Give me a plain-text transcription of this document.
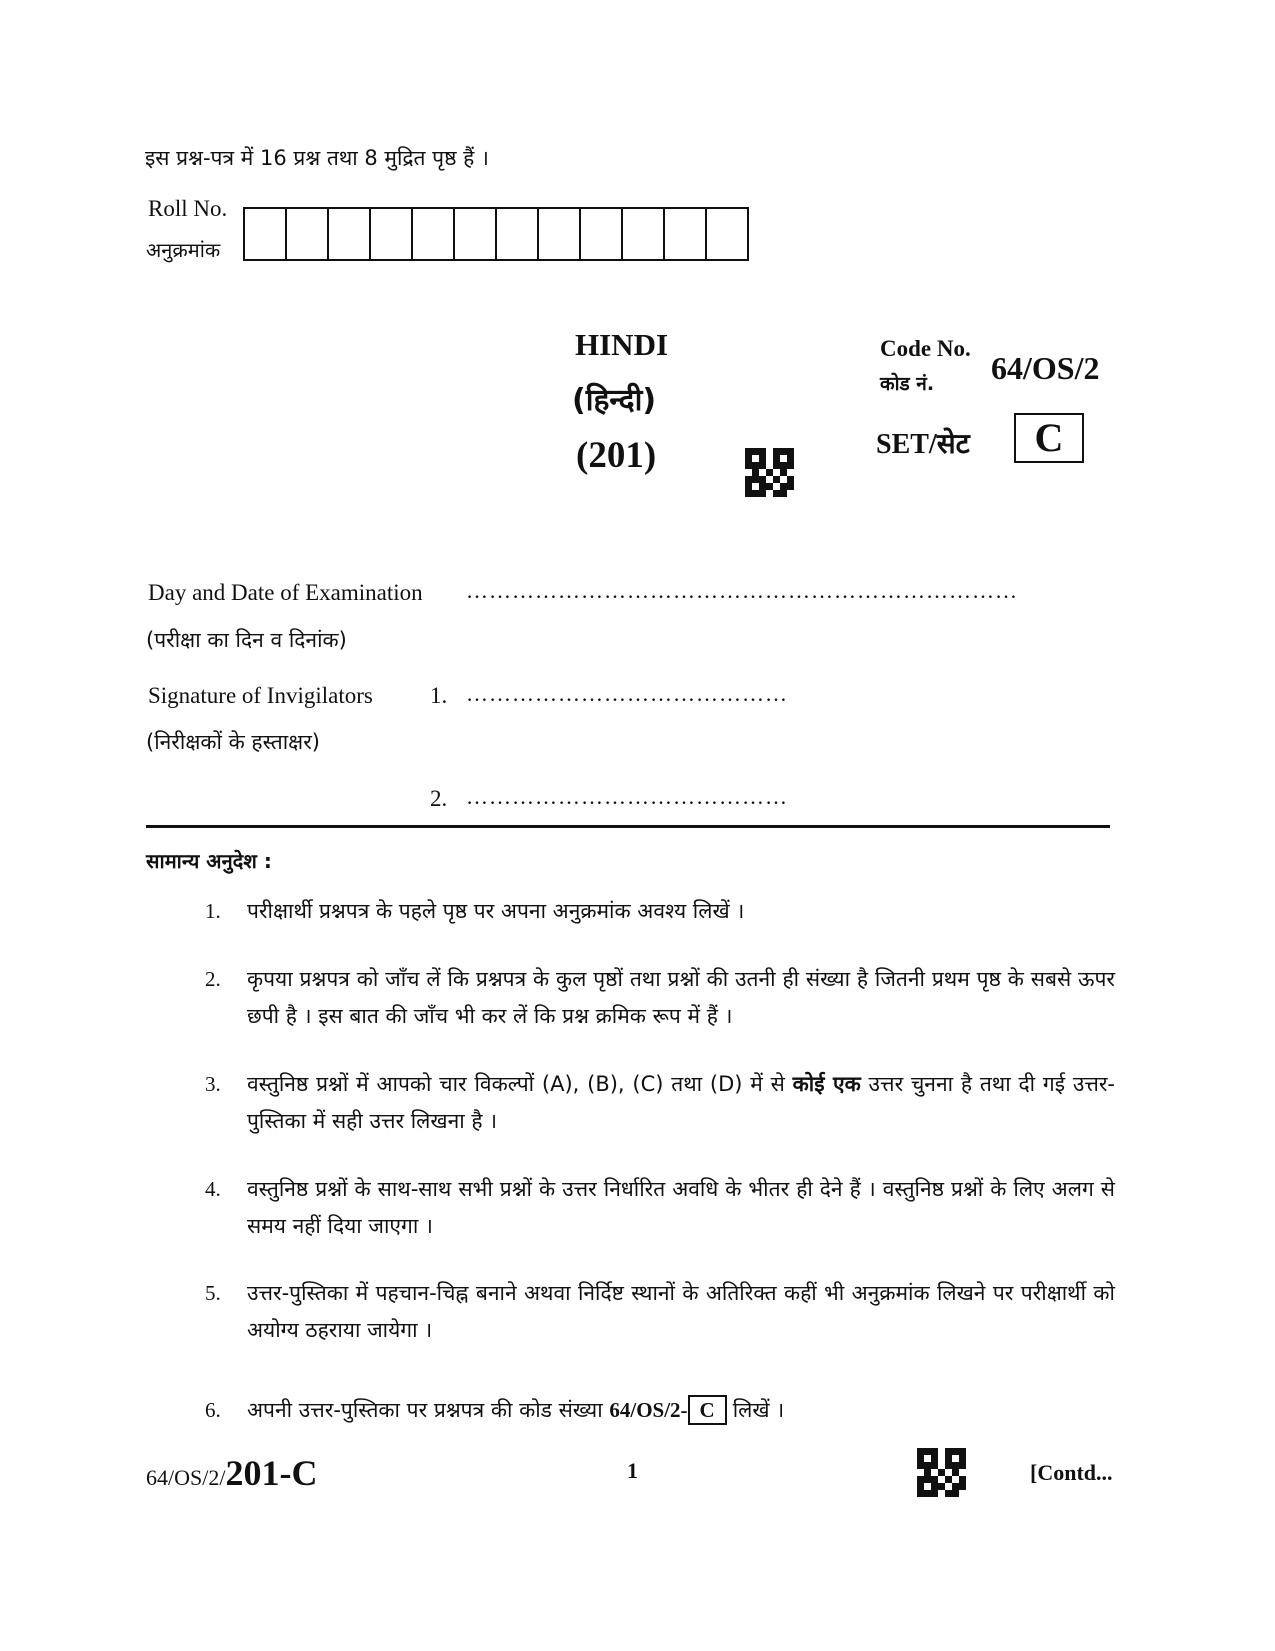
इस प्रश्न-पत्र में 16 प्रश्न तथा 8 मुद्रित पृष्ठ हैं ।
Roll No.
अनुक्रमांक
HINDI
(हिन्दी)
(201)
Code No.
कोड नं. 64/OS/2
SET/सेट	C
Day and Date of Examination ………………………………………………………………
(परीक्षा का दिन व दिनांक)
Signature of Invigilators 1. ……………………………………
(निरीक्षकों के हस्ताक्षर)
2. ……………………………………
सामान्य अनुदेश :
1.	परीक्षार्थी प्रश्नपत्र के पहले पृष्ठ पर अपना अनुक्रमांक अवश्य लिखें ।
2.	कृपया प्रश्नपत्र को जाँच लें कि प्रश्नपत्र के कुल पृष्ठों तथा प्रश्नों की उतनी ही संख्या है जितनी प्रथम पृष्ठ के सबसे ऊपर छपी है । इस बात की जाँच भी कर लें कि प्रश्न क्रमिक रूप में हैं ।
3.	वस्तुनिष्ठ प्रश्नों में आपको चार विकल्पों (A), (B), (C) तथा (D) में से कोई एक उत्तर चुनना है तथा दी गई उत्तर-पुस्तिका में सही उत्तर लिखना है ।
4.	वस्तुनिष्ठ प्रश्नों के साथ-साथ सभी प्रश्नों के उत्तर निर्धारित अवधि के भीतर ही देने हैं । वस्तुनिष्ठ प्रश्नों के लिए अलग से समय नहीं दिया जाएगा ।
5.	उत्तर-पुस्तिका में पहचान-चिह्न बनाने अथवा निर्दिष्ट स्थानों के अतिरिक्त कहीं भी अनुक्रमांक लिखने पर परीक्षार्थी को अयोग्य ठहराया जायेगा ।
6.	अपनी उत्तर-पुस्तिका पर प्रश्नपत्र की कोड संख्या 64/OS/2- C लिखें ।
64/OS/2/201-C	1	[Contd...
